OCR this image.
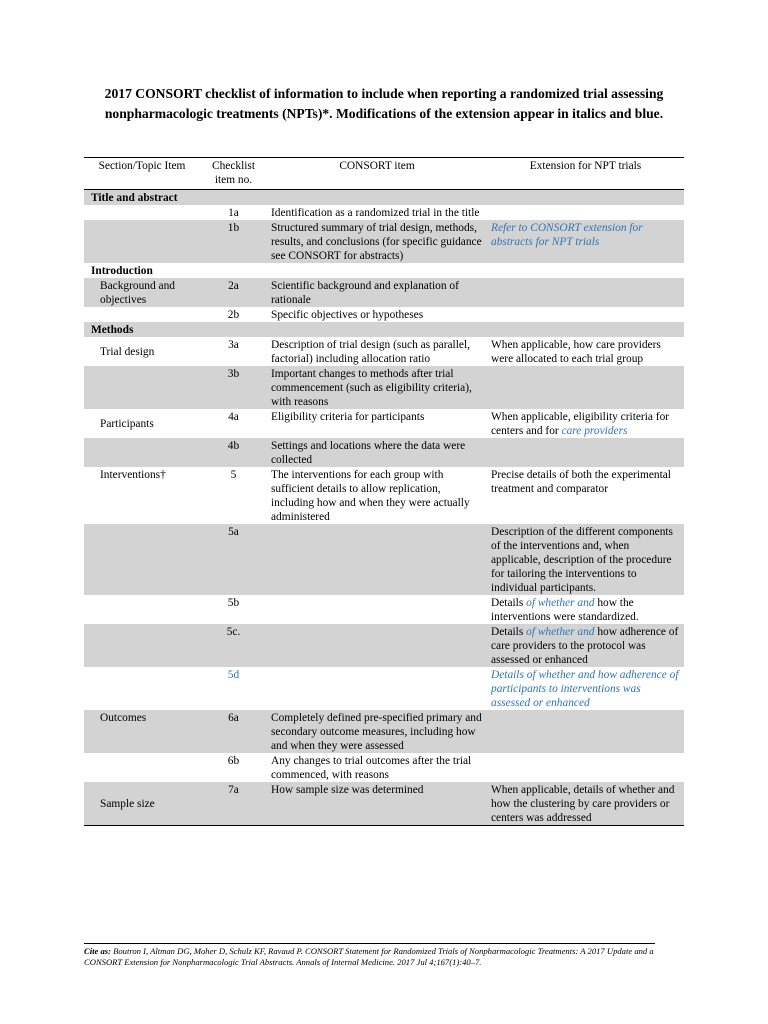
2017 CONSORT checklist of information to include when reporting a randomized trial assessing nonpharmacologic treatments (NPTs)*. Modifications of the extension appear in italics and blue.
Section/Topic Item	Checklist item no.	CONSORT item	Extension for NPT trials
Title and abstract			
	1a	Identification as a randomized trial in the title	
	1b	Structured summary of trial design, methods, results, and conclusions (for specific guidance see CONSORT for abstracts)	Refer to CONSORT extension for abstracts for NPT trials
Introduction			
Background and objectives	2a	Scientific background and explanation of rationale	
	2b	Specific objectives or hypotheses	
Methods			
Trial design	3a	Description of trial design (such as parallel, factorial) including allocation ratio	When applicable, how care providers were allocated to each trial group
	3b	Important changes to methods after trial commencement (such as eligibility criteria), with reasons	
Participants	4a	Eligibility criteria for participants	When applicable, eligibility criteria for centers and for care providers
	4b	Settings and locations where the data were collected	
Interventions†	5	The interventions for each group with sufficient details to allow replication, including how and when they were actually administered	Precise details of both the experimental treatment and comparator
	5a		Description of the different components of the interventions and, when applicable, description of the procedure for tailoring the interventions to individual participants.
	5b		Details of whether and how the interventions were standardized.
	5c.		Details of whether and how adherence of care providers to the protocol was assessed or enhanced
	5d		Details of whether and how adherence of participants to interventions was assessed or enhanced
Outcomes	6a	Completely defined pre-specified primary and secondary outcome measures, including how and when they were assessed	
	6b	Any changes to trial outcomes after the trial commenced, with reasons	
Sample size	7a	How sample size was determined	When applicable, details of whether and how the clustering by care providers or centers was addressed
Cite as: Boutron I, Altman DG, Moher D, Schulz KF, Ravaud P. CONSORT Statement for Randomized Trials of Nonpharmacologic Treatments: A 2017 Update and a CONSORT Extension for Nonpharmacologic Trial Abstracts. Annals of Internal Medicine. 2017 Jul 4;167(1):40–7.
